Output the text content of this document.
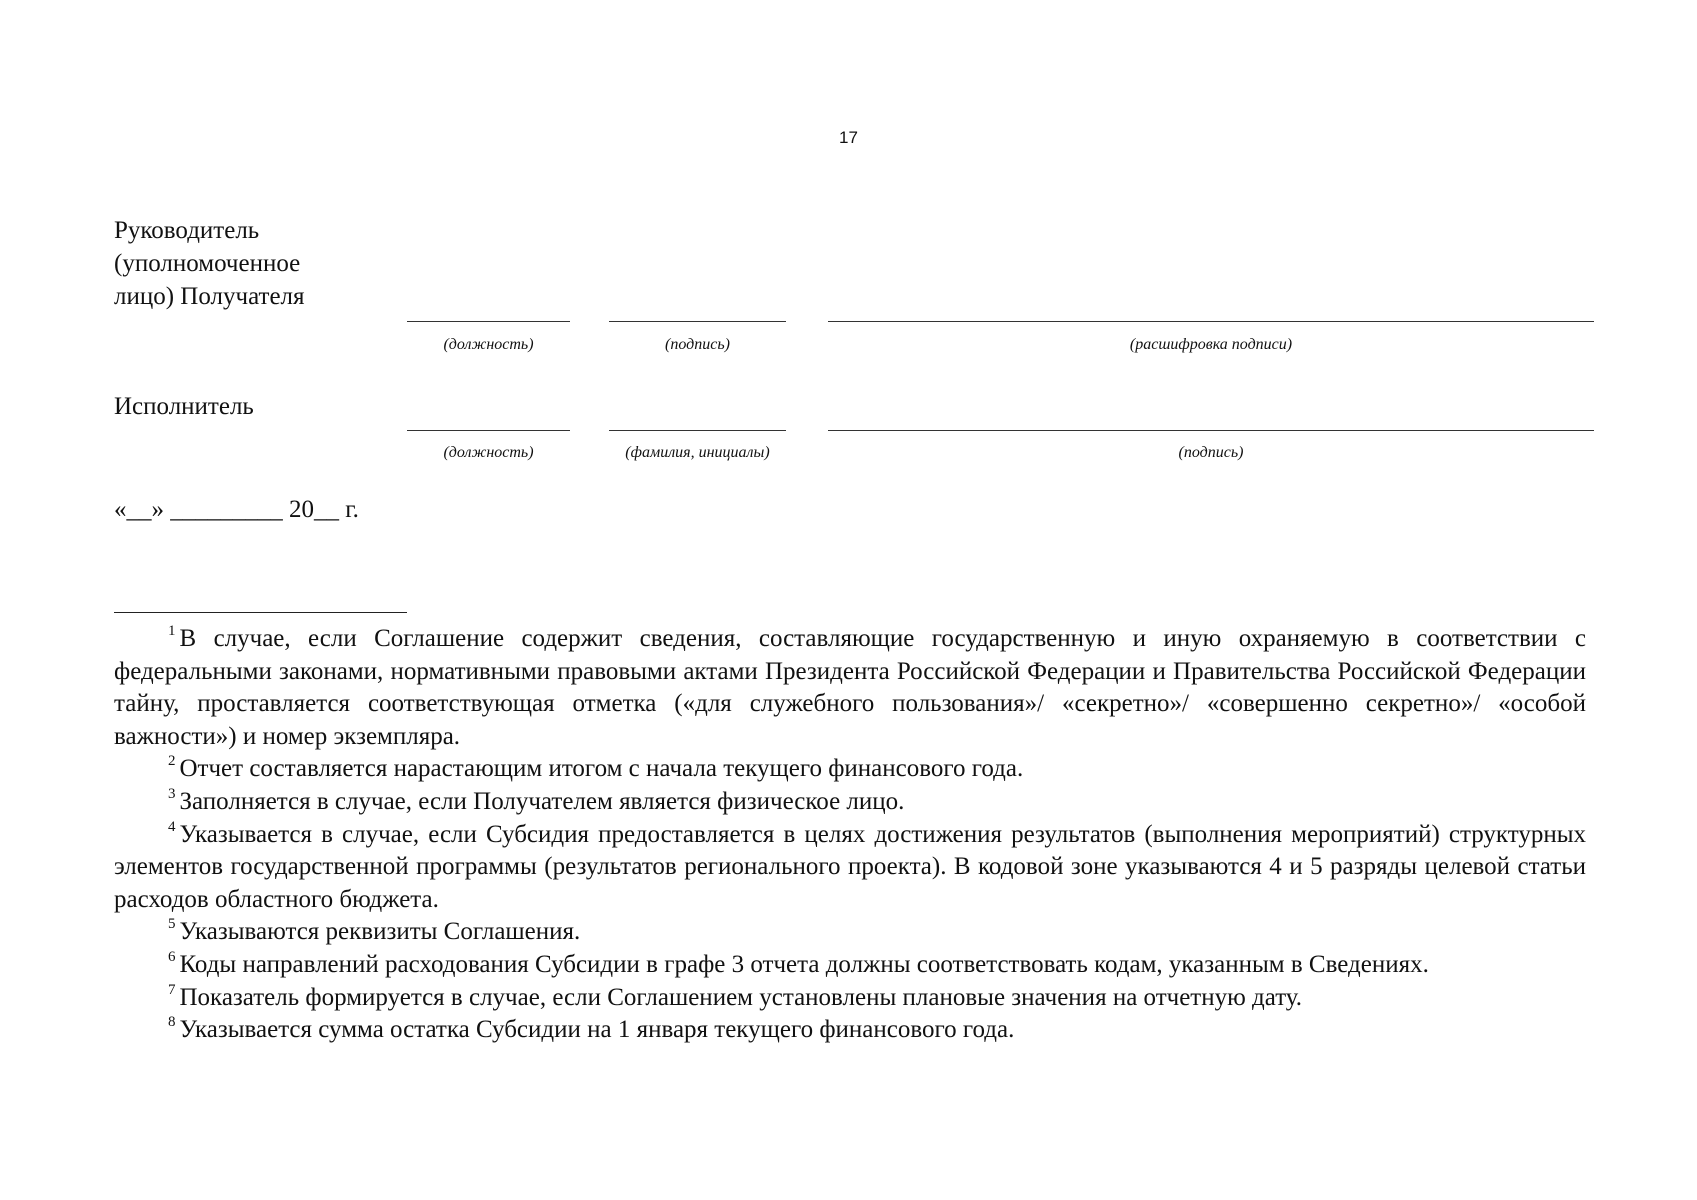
17
Руководитель
(уполномоченное
лицо) Получателя
(должность)	(подпись)	(расшифровка подписи)
Исполнитель
(должность)	(фамилия, инициалы)	(подпись)
«__» _________ 20__ г.

$^1$ В случае, если Соглашение содержит сведения, составляющие государственную и иную охраняемую в соответствии с федеральными законами, нормативными правовыми актами Президента Российской Федерации и Правительства Российской Федерации тайну, проставляется соответствующая отметка («для служебного пользования»/ «секретно»/ «совершенно секретно»/ «особой важности») и номер экземпляра.

$^2$ Отчет составляется нарастающим итогом с начала текущего финансового года.

$^3$ Заполняется в случае, если Получателем является физическое лицо.

$^4$ Указывается в случае, если Субсидия предоставляется в целях достижения результатов (выполнения мероприятий) структурных элементов государственной программы (результатов регионального проекта). В кодовой зоне указываются 4 и 5 разряды целевой статьи расходов областного бюджета.

$^5$ Указываются реквизиты Соглашения.

$^6$ Коды направлений расходования Субсидии в графе 3 отчета должны соответствовать кодам, указанным в Сведениях.

$^7$ Показатель формируется в случае, если Соглашением установлены плановые значения на отчетную дату.

$^8$ Указывается сумма остатка Субсидии на 1 января текущего финансового года.
